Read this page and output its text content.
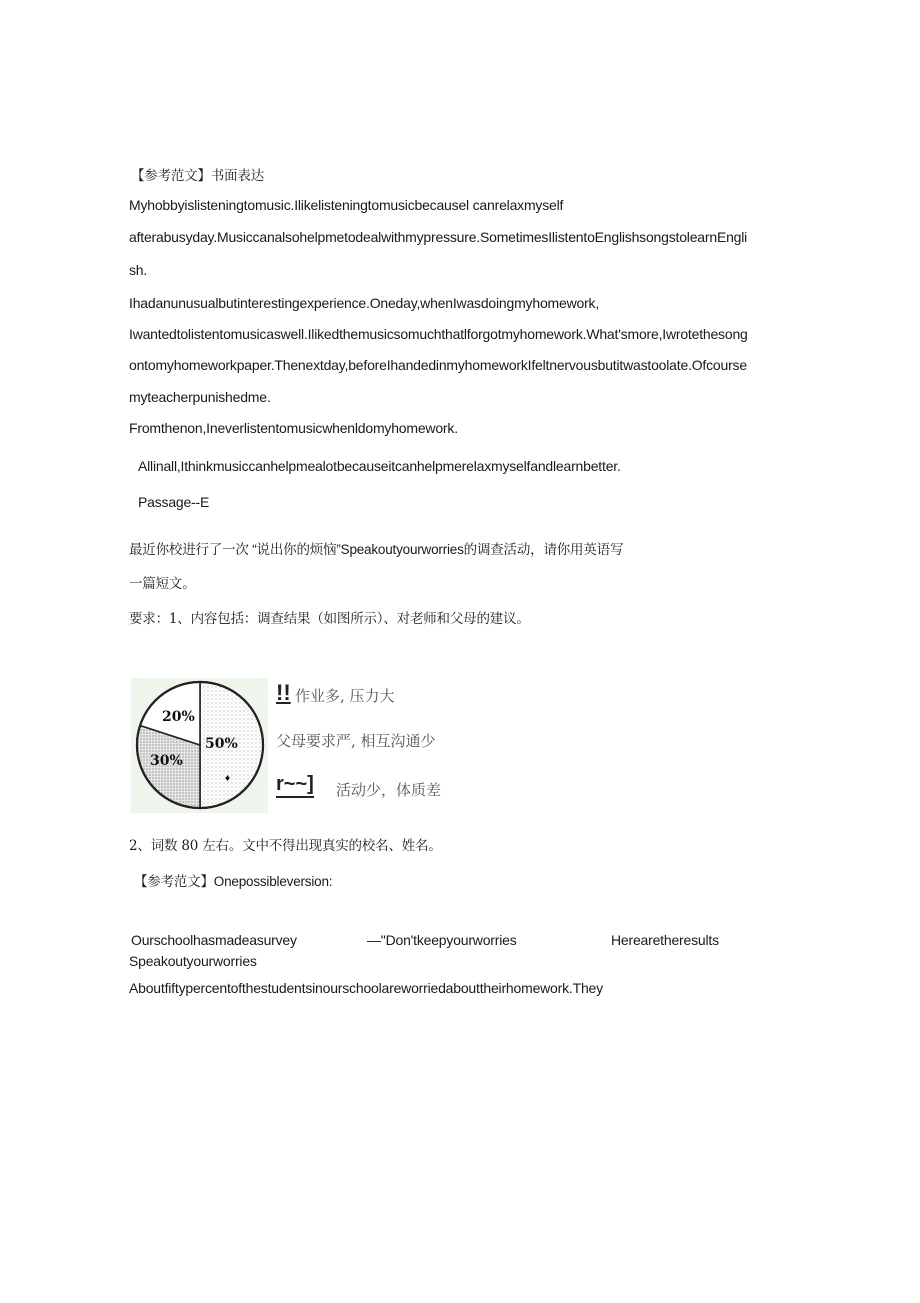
【参考范文】书面表达
Myhobbyislisteningtomusic.Ilikelisteningtomusicbecausel canrelaxmyself
afterabusyday.Musiccanalsohelpmetodealwithmypressure.SometimesIlistentoEnglishsongstolearnEngli
sh.
Ihadanunusualbutinterestingexperience.Oneday,whenIwasdoingmyhomework,
Iwantedtolistentomusicaswell.Ilikedthemusicsomuchthatlforgotmyhomework.What'smore,Iwrotethesong
ontomyhomeworkpaper.Thenextday,beforeIhandedinmyhomeworkIfeltnervousbutitwastoolate.Ofcourse
myteacherpunishedme.
Fromthenon,Ineverlistentomusicwhenldomyhomework.
Allinall,Ithinkmusiccanhelpmealotbecauseitcanhelpmerelaxmyselfandlearnbetter.
Passage--E
最近你校进行了一次 “说出你的烦恼”Speakoutyourworries的调查活动，请你用英语写
一篇短文。
要求：1、内容包括：调查结果（如图所示）、对老师和父母的建议。
50%
30%
20%
♦
!! 作业多, 压力大
父母要求严, 相互沟通少
r~~] 活动少，体质差
2、词数 80 左右。文中不得出现真实的校名、姓名。
【参考范文】Onepossibleversion:
Ourschoolhasmadeasurvey	—"Don'tkeepyourworries	Herearetheresults
Speakoutyourworries
Aboutfiftypercentofthestudentsinourschoolareworriedabouttheirhomework.They
